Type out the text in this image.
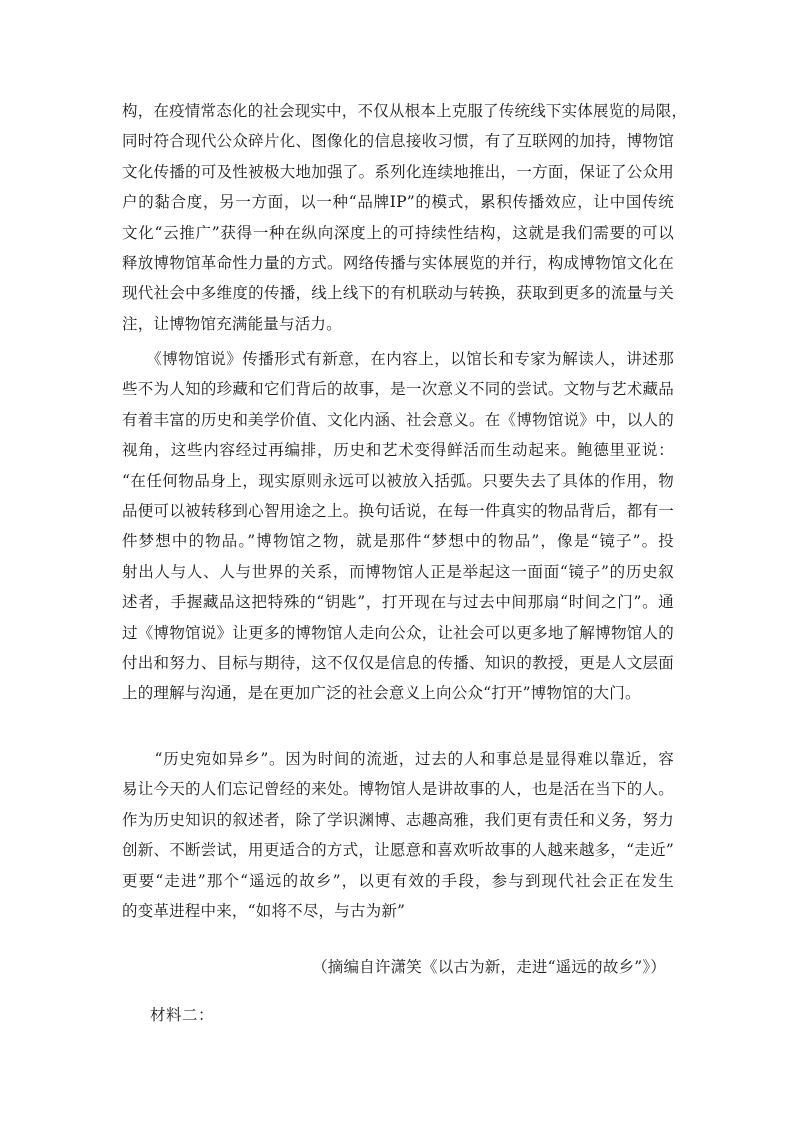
构，在疫情常态化的社会现实中，不仅从根本上克服了传统线下实体展览的局限，
同时符合现代公众碎片化、图像化的信息接收习惯，有了互联网的加持，博物馆
文化传播的可及性被极大地加强了。系列化连续地推出，一方面，保证了公众用
户的黏合度，另一方面，以一种“品牌IP”的模式，累积传播效应，让中国传统
文化“云推广”获得一种在纵向深度上的可持续性结构，这就是我们需要的可以
释放博物馆革命性力量的方式。网络传播与实体展览的并行，构成博物馆文化在
现代社会中多维度的传播，线上线下的有机联动与转换，获取到更多的流量与关
注，让博物馆充满能量与活力。

　　《博物馆说》传播形式有新意，在内容上，以馆长和专家为解读人，讲述那
些不为人知的珍藏和它们背后的故事，是一次意义不同的尝试。文物与艺术藏品
有着丰富的历史和美学价值、文化内涵、社会意义。在《博物馆说》中，以人的
视角，这些内容经过再编排，历史和艺术变得鲜活而生动起来。鲍德里亚说：
“在任何物品身上，现实原则永远可以被放入括弧。只要失去了具体的作用，物
品便可以被转移到心智用途之上。换句话说，在每一件真实的物品背后，都有一
件梦想中的物品。”博物馆之物，就是那件“梦想中的物品”，像是“镜子”。投
射出人与人、人与世界的关系，而博物馆人正是举起这一面面“镜子”的历史叙
述者，手握藏品这把特殊的“钥匙”，打开现在与过去中间那扇“时间之门”。通
过《博物馆说》让更多的博物馆人走向公众，让社会可以更多地了解博物馆人的
付出和努力、目标与期待，这不仅仅是信息的传播、知识的教授，更是人文层面
上的理解与沟通，是在更加广泛的社会意义上向公众“打开”博物馆的大门。

　　“历史宛如异乡”。因为时间的流逝，过去的人和事总是显得难以靠近，容
易让今天的人们忘记曾经的来处。博物馆人是讲故事的人，也是活在当下的人。
作为历史知识的叙述者，除了学识渊博、志趣高雅，我们更有责任和义务，努力
创新、不断尝试，用更适合的方式，让愿意和喜欢听故事的人越来越多，“走近”
更要“走进”那个“遥远的故乡”，以更有效的手段，参与到现代社会正在发生
的变革进程中来，“如将不尽，与古为新”

（摘编自许潇笑《以古为新，走进“遥远的故乡”》）
材料二：
